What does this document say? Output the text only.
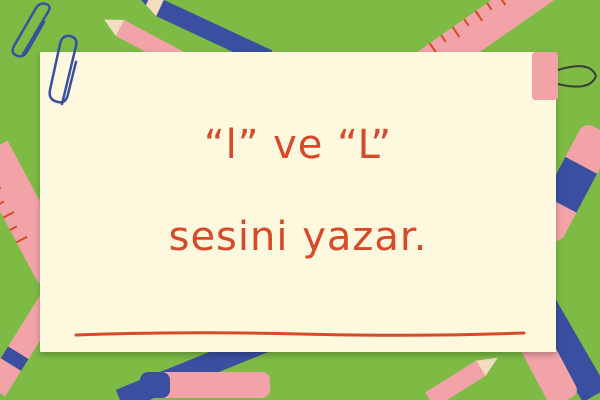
“l” ve “L”
sesini yazar.
